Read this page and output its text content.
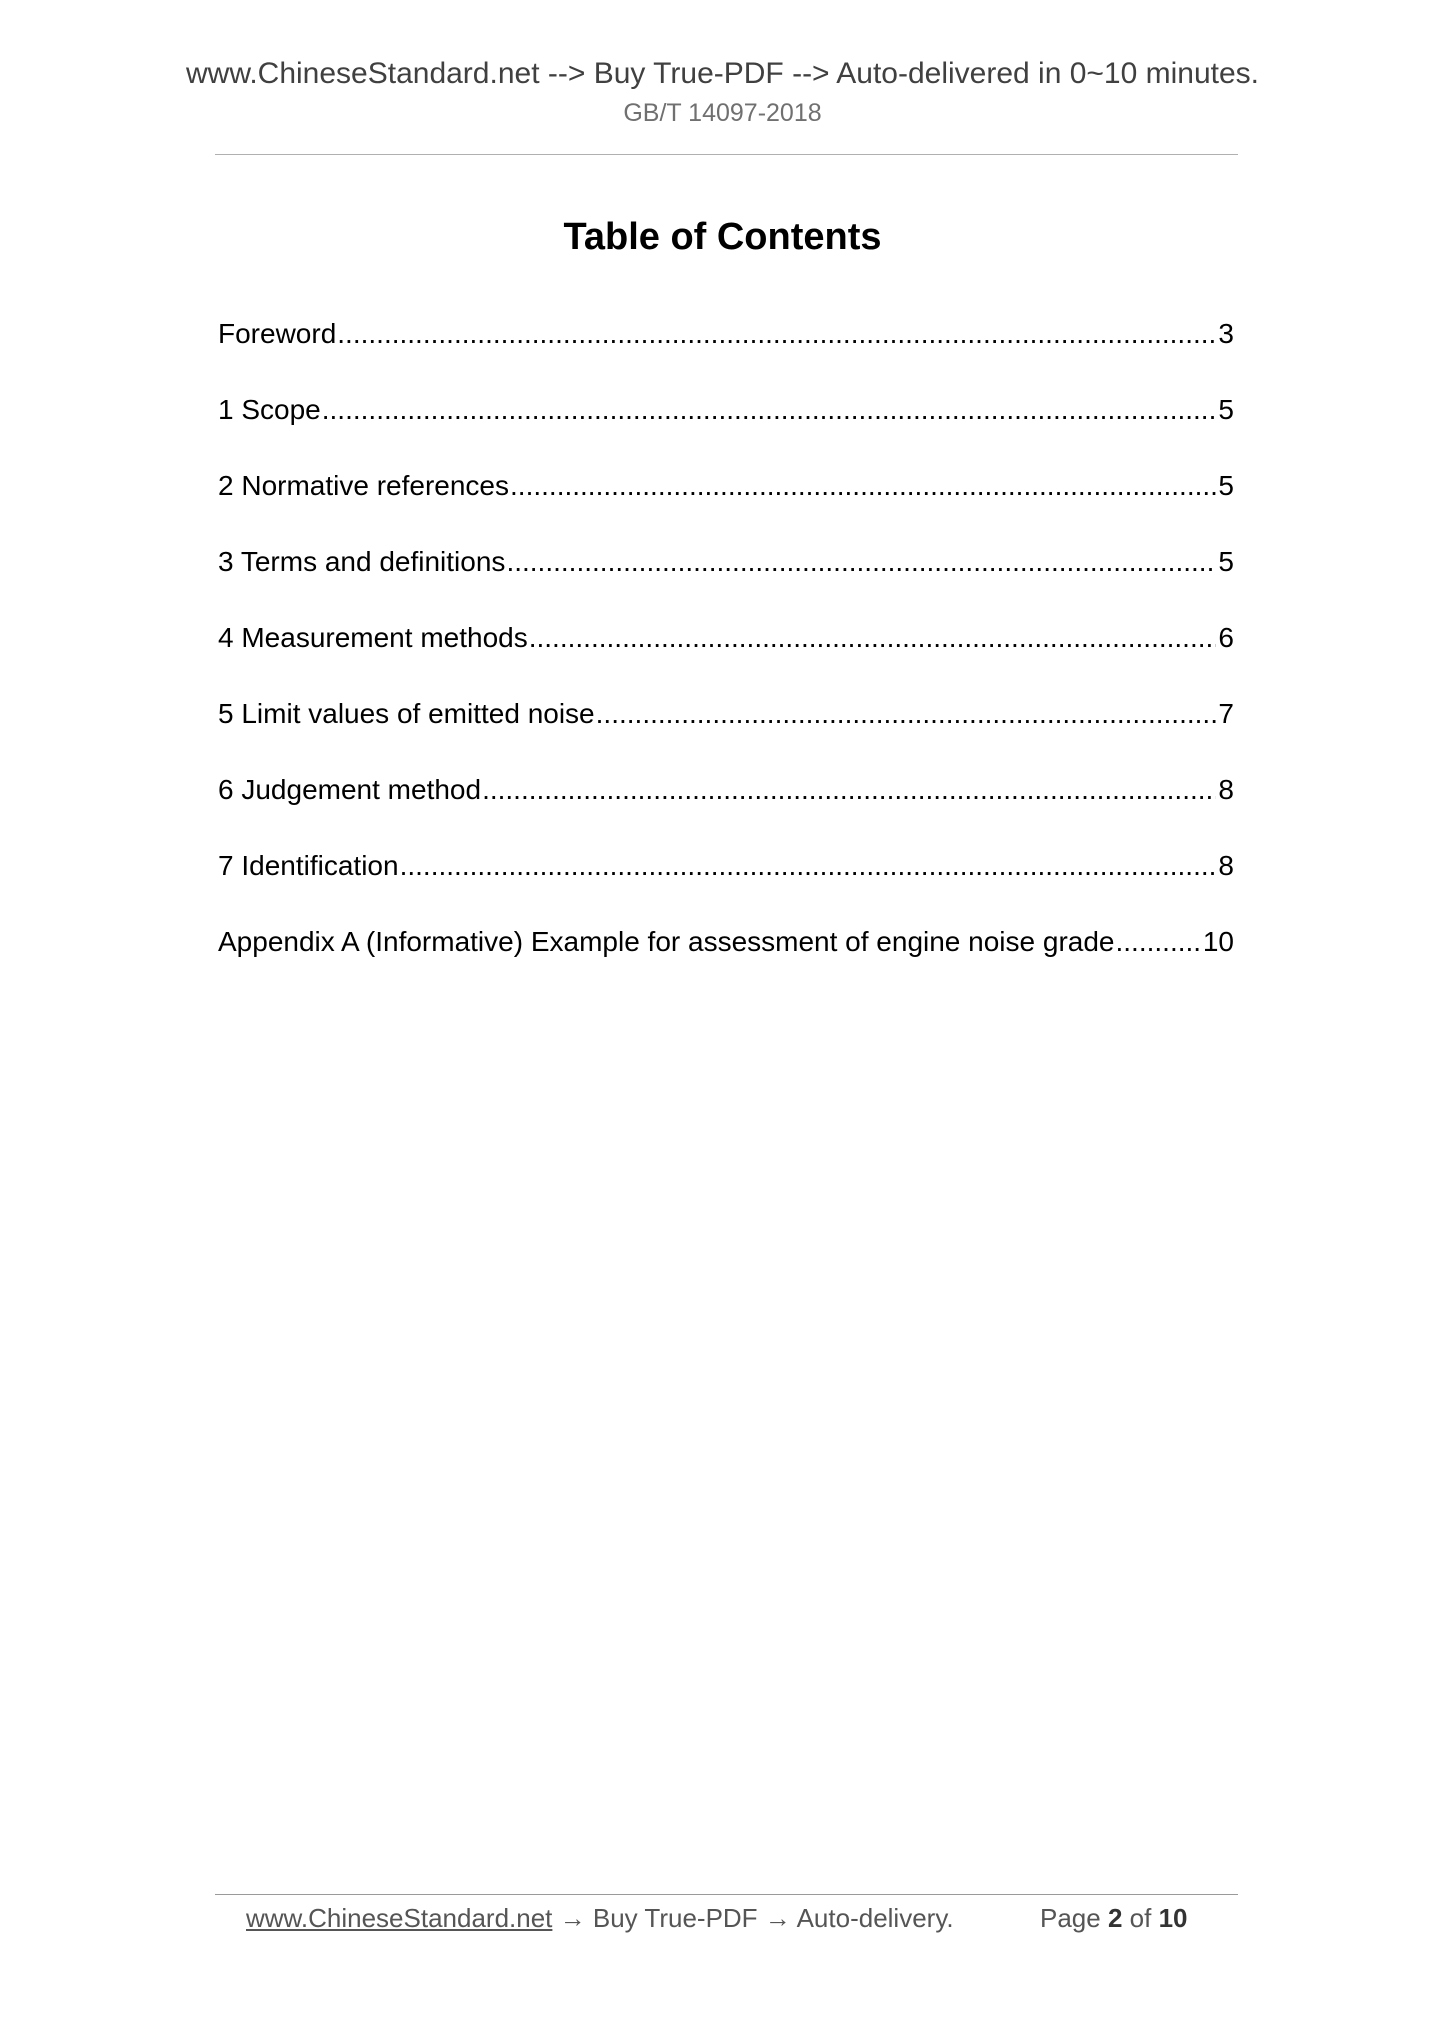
www.ChineseStandard.net --> Buy True-PDF --> Auto-delivered in 0~10 minutes.
GB/T 14097-2018
Table of Contents
Foreword .....	3
1 Scope .....	5
2 Normative references .....	5
3 Terms and definitions .....	5
4 Measurement methods .....	6
5 Limit values of emitted noise .....	7
6 Judgement method .....	8
7 Identification .....	8
Appendix A (Informative) Example for assessment of engine noise grade .....	10
www.ChineseStandard.net → Buy True-PDF → Auto-delivery.	Page 2 of 10
